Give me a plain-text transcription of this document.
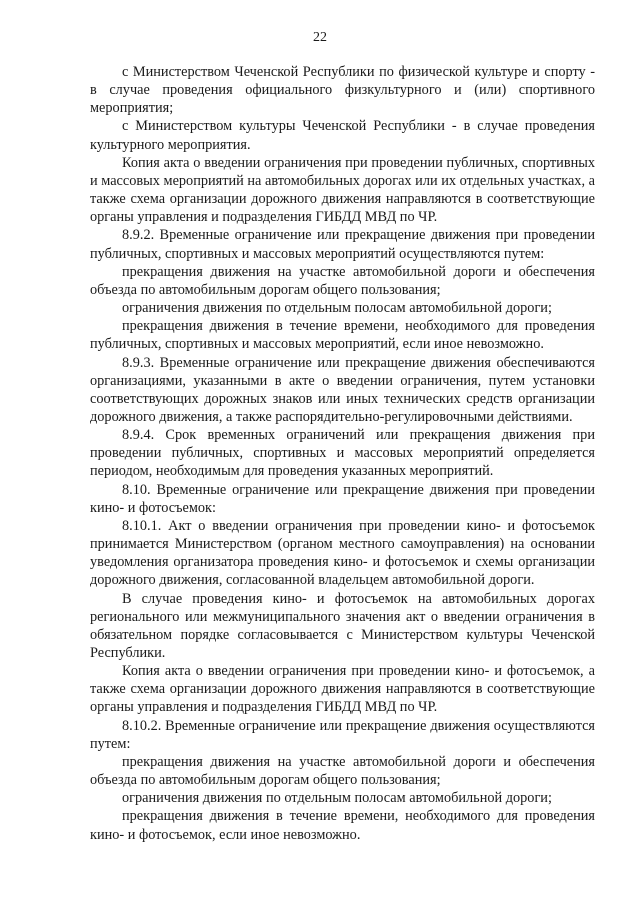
22

с Министерством Чеченской Республики по физической культуре и спорту - в случае проведения официального физкультурного и (или) спортивного мероприятия;

с Министерством культуры Чеченской Республики - в случае проведения культурного мероприятия.

Копия акта о введении ограничения при проведении публичных, спортивных и массовых мероприятий на автомобильных дорогах или их отдельных участках, а также схема организации дорожного движения направляются в соответствующие органы управления и подразделения ГИБДД МВД по ЧР.

8.9.2. Временные ограничение или прекращение движения при проведении публичных, спортивных и массовых мероприятий осуществляются путем:

прекращения движения на участке автомобильной дороги и обеспечения объезда по автомобильным дорогам общего пользования;

ограничения движения по отдельным полосам автомобильной дороги;

прекращения движения в течение времени, необходимого для проведения публичных, спортивных и массовых мероприятий, если иное невозможно.

8.9.3. Временные ограничение или прекращение движения обеспечиваются организациями, указанными в акте о введении ограничения, путем установки соответствующих дорожных знаков или иных технических средств организации дорожного движения, а также распорядительно-регулировочными действиями.

8.9.4. Срок временных ограничений или прекращения движения при проведении публичных, спортивных и массовых мероприятий определяется периодом, необходимым для проведения указанных мероприятий.

8.10. Временные ограничение или прекращение движения при проведении кино- и фотосъемок:

8.10.1. Акт о введении ограничения при проведении кино- и фотосъемок принимается Министерством (органом местного самоуправления) на основании уведомления организатора проведения кино- и фотосъемок и схемы организации дорожного движения, согласованной владельцем автомобильной дороги.

В случае проведения кино- и фотосъемок на автомобильных дорогах регионального или межмуниципального значения акт о введении ограничения в обязательном порядке согласовывается с Министерством культуры Чеченской Республики.

Копия акта о введении ограничения при проведении кино- и фотосъемок, а также схема организации дорожного движения направляются в соответствующие органы управления и подразделения ГИБДД МВД по ЧР.

8.10.2. Временные ограничение или прекращение движения осуществляются путем:

прекращения движения на участке автомобильной дороги и обеспечения объезда по автомобильным дорогам общего пользования;

ограничения движения по отдельным полосам автомобильной дороги;

прекращения движения в течение времени, необходимого для проведения кино- и фотосъемок, если иное невозможно.
